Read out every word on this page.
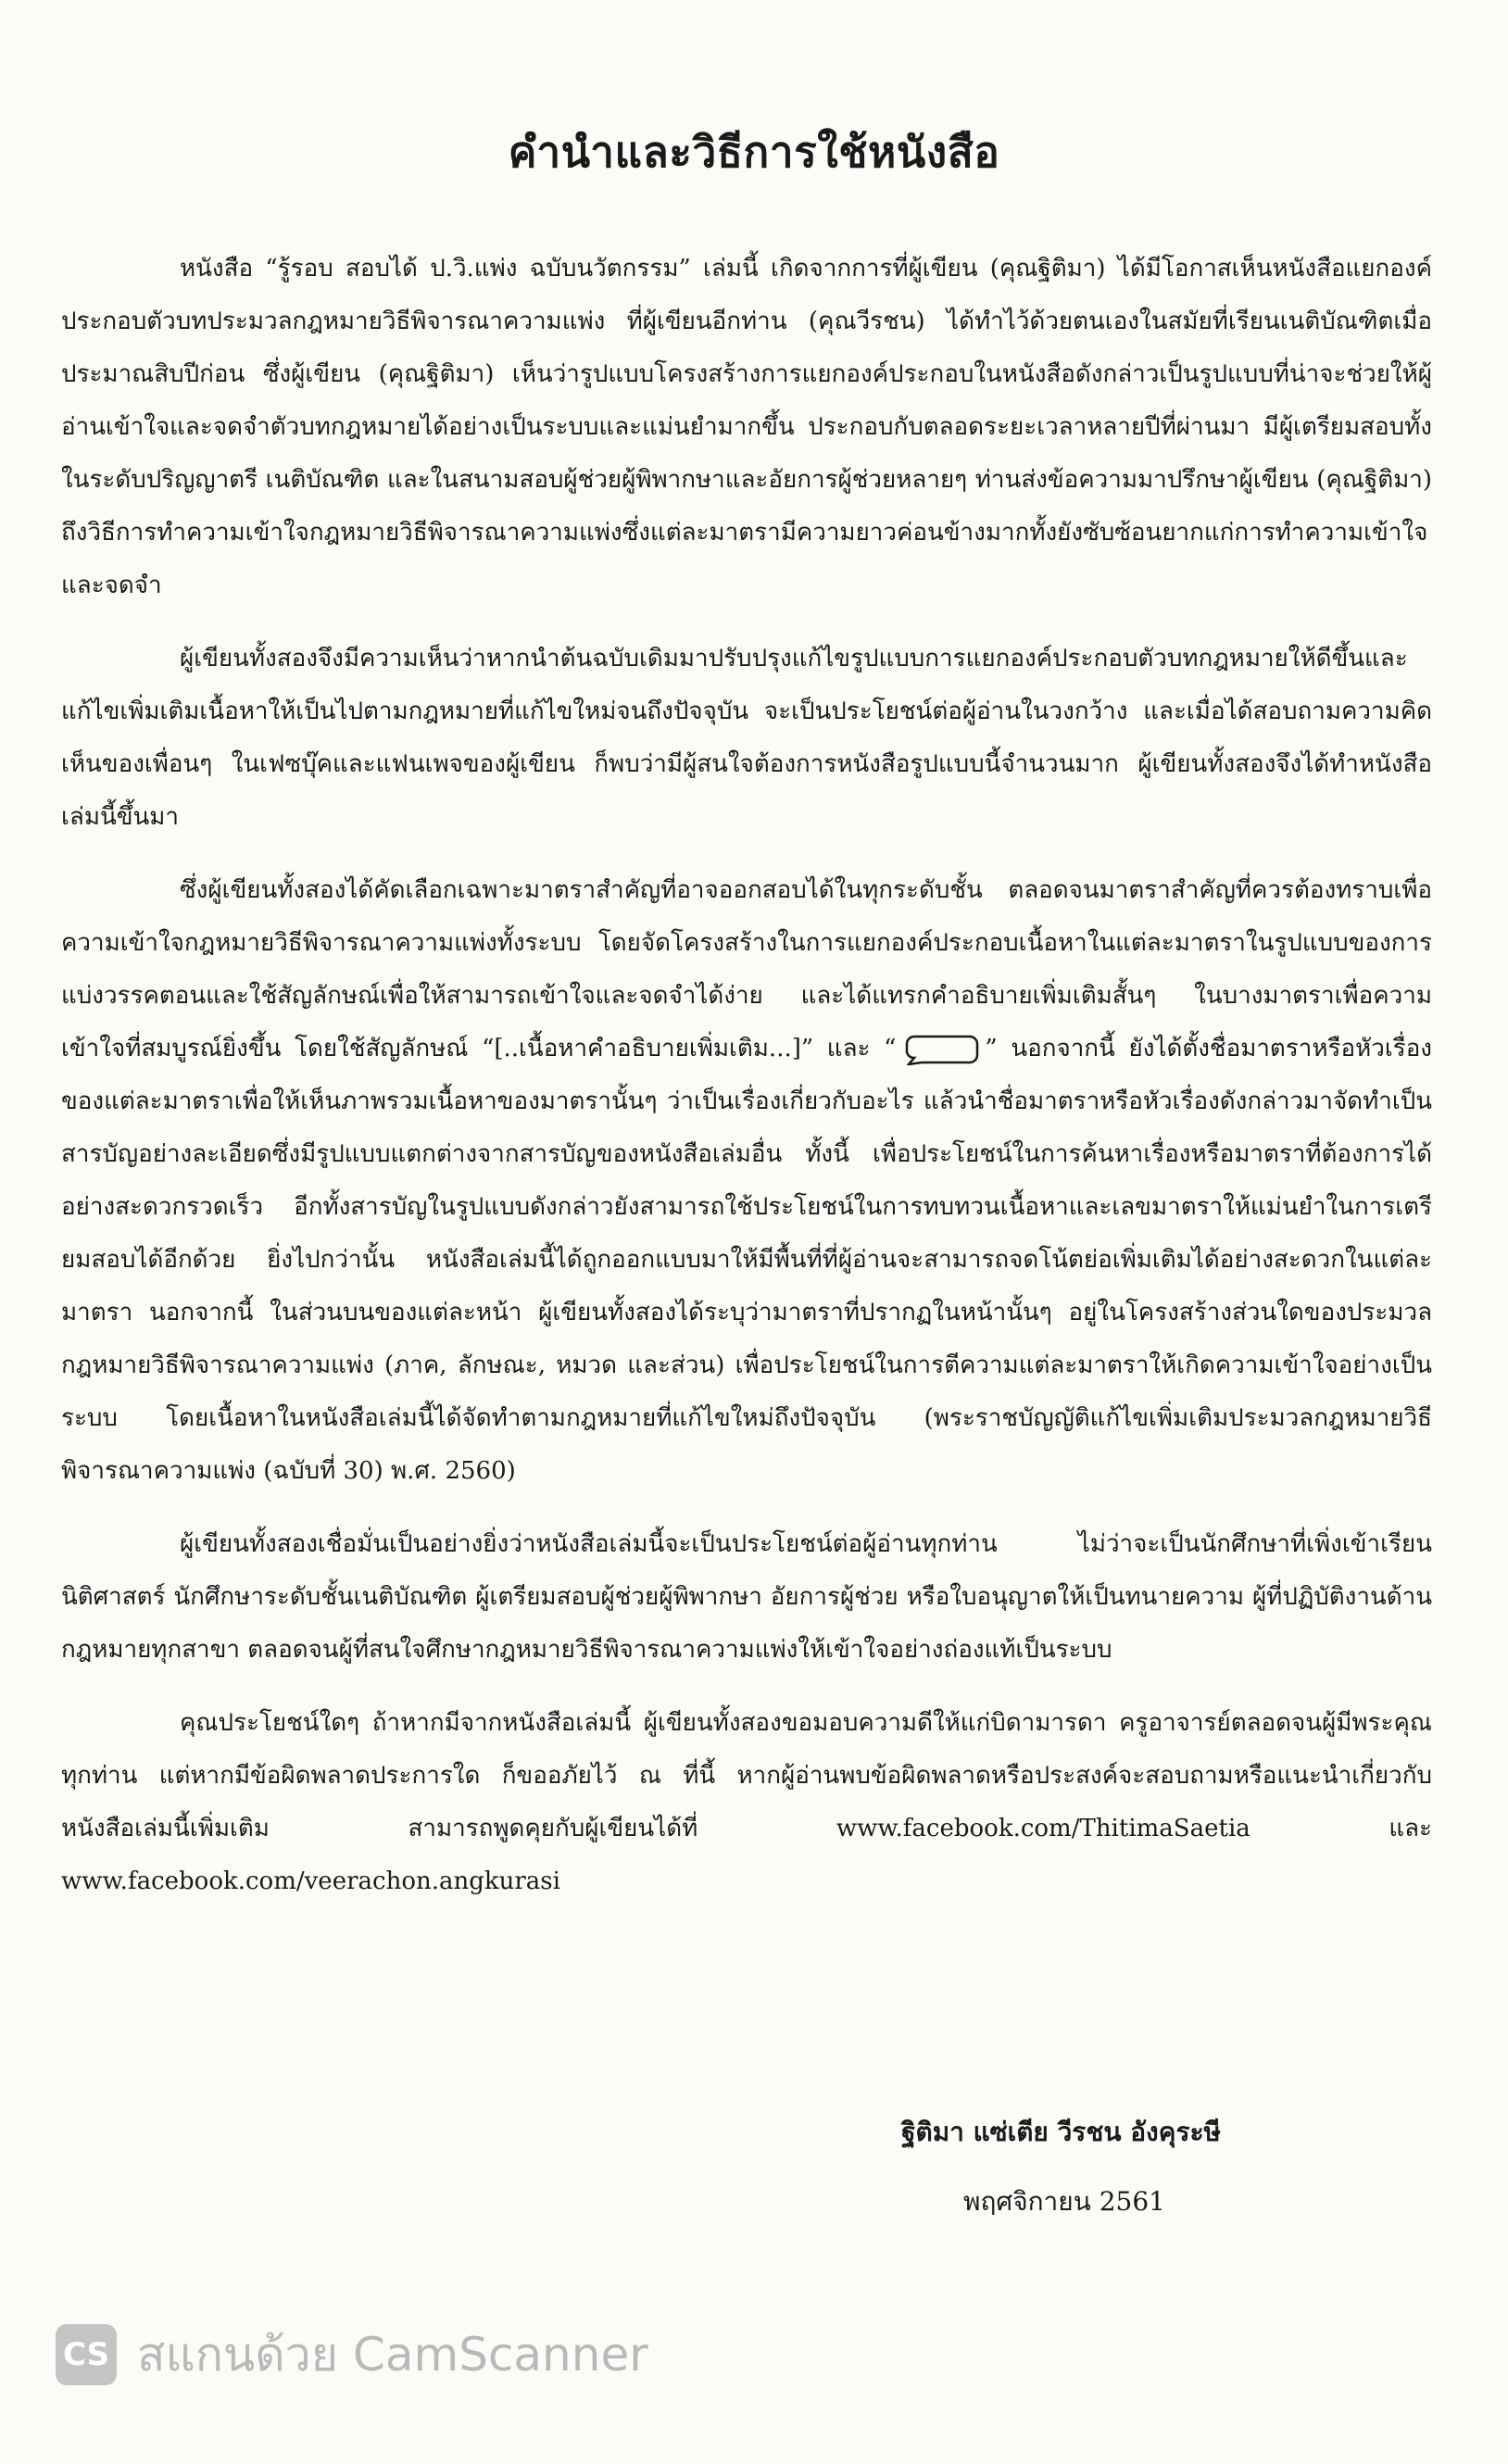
คำนำและวิธีการใช้หนังสือ

หนังสือ “รู้รอบ สอบได้ ป.วิ.แพ่ง ฉบับนวัตกรรม” เล่มนี้ เกิดจากการที่ผู้เขียน (คุณฐิติมา) ได้มีโอกาสเห็นหนังสือแยกองค์ประกอบตัวบทประมวลกฎหมายวิธีพิจารณาความแพ่ง ที่ผู้เขียนอีกท่าน (คุณวีรชน) ได้ทำไว้ด้วยตนเองในสมัยที่เรียนเนติบัณฑิตเมื่อประมาณสิบปีก่อน ซึ่งผู้เขียน (คุณฐิติมา) เห็นว่ารูปแบบโครงสร้างการแยกองค์ประกอบในหนังสือดังกล่าวเป็นรูปแบบที่น่าจะช่วยให้ผู้อ่านเข้าใจและจดจำตัวบทกฎหมายได้อย่างเป็นระบบและแม่นยำมากขึ้น ประกอบกับตลอดระยะเวลาหลายปีที่ผ่านมา มีผู้เตรียมสอบทั้งในระดับปริญญาตรี เนติบัณฑิต และในสนามสอบผู้ช่วยผู้พิพากษาและอัยการผู้ช่วยหลายๆ ท่านส่งข้อความมาปรึกษาผู้เขียน (คุณฐิติมา) ถึงวิธีการทำความเข้าใจกฎหมายวิธีพิจารณาความแพ่งซึ่งแต่ละมาตรามีความยาวค่อนข้างมากทั้งยังซับซ้อนยากแก่การทำความเข้าใจและจดจำ

ผู้เขียนทั้งสองจึงมีความเห็นว่าหากนำต้นฉบับเดิมมาปรับปรุงแก้ไขรูปแบบการแยกองค์ประกอบตัวบทกฎหมายให้ดีขึ้นและแก้ไขเพิ่มเติมเนื้อหาให้เป็นไปตามกฎหมายที่แก้ไขใหม่จนถึงปัจจุบัน จะเป็นประโยชน์ต่อผู้อ่านในวงกว้าง และเมื่อได้สอบถามความคิดเห็นของเพื่อนๆ ในเฟซบุ๊คและแฟนเพจของผู้เขียน ก็พบว่ามีผู้สนใจต้องการหนังสือรูปแบบนี้จำนวนมาก ผู้เขียนทั้งสองจึงได้ทำหนังสือเล่มนี้ขึ้นมา

ซึ่งผู้เขียนทั้งสองได้คัดเลือกเฉพาะมาตราสำคัญที่อาจออกสอบได้ในทุกระดับชั้น ตลอดจนมาตราสำคัญที่ควรต้องทราบเพื่อความเข้าใจกฎหมายวิธีพิจารณาความแพ่งทั้งระบบ โดยจัดโครงสร้างในการแยกองค์ประกอบเนื้อหาในแต่ละมาตราในรูปแบบของการแบ่งวรรคตอนและใช้สัญลักษณ์เพื่อให้สามารถเข้าใจและจดจำได้ง่าย และได้แทรกคำอธิบายเพิ่มเติมสั้นๆ ในบางมาตราเพื่อความเข้าใจที่สมบูรณ์ยิ่งขึ้น โดยใช้สัญลักษณ์ “[..เนื้อหาคำอธิบายเพิ่มเติม...]” และ “	” นอกจากนี้ ยังได้ตั้งชื่อมาตราหรือหัวเรื่องของแต่ละมาตราเพื่อให้เห็นภาพรวมเนื้อหาของมาตรานั้นๆ ว่าเป็นเรื่องเกี่ยวกับอะไร แล้วนำชื่อมาตราหรือหัวเรื่องดังกล่าวมาจัดทำเป็นสารบัญอย่างละเอียดซึ่งมีรูปแบบแตกต่างจากสารบัญของหนังสือเล่มอื่น ทั้งนี้ เพื่อประโยชน์ในการค้นหาเรื่องหรือมาตราที่ต้องการได้อย่างสะดวกรวดเร็ว อีกทั้งสารบัญในรูปแบบดังกล่าวยังสามารถใช้ประโยชน์ในการทบทวนเนื้อหาและเลขมาตราให้แม่นยำในการเตรียมสอบได้อีกด้วย ยิ่งไปกว่านั้น หนังสือเล่มนี้ได้ถูกออกแบบมาให้มีพื้นที่ที่ผู้อ่านจะสามารถจดโน้ตย่อเพิ่มเติมได้อย่างสะดวกในแต่ละมาตรา นอกจากนี้ ในส่วนบนของแต่ละหน้า ผู้เขียนทั้งสองได้ระบุว่ามาตราที่ปรากฏในหน้านั้นๆ อยู่ในโครงสร้างส่วนใดของประมวลกฎหมายวิธีพิจารณาความแพ่ง (ภาค, ลักษณะ, หมวด และส่วน) เพื่อประโยชน์ในการตีความแต่ละมาตราให้เกิดความเข้าใจอย่างเป็นระบบ โดยเนื้อหาในหนังสือเล่มนี้ได้จัดทำตามกฎหมายที่แก้ไขใหม่ถึงปัจจุบัน (พระราชบัญญัติแก้ไขเพิ่มเติมประมวลกฎหมายวิธีพิจารณาความแพ่ง (ฉบับที่ 30) พ.ศ. 2560)

ผู้เขียนทั้งสองเชื่อมั่นเป็นอย่างยิ่งว่าหนังสือเล่มนี้จะเป็นประโยชน์ต่อผู้อ่านทุกท่าน ไม่ว่าจะเป็นนักศึกษาที่เพิ่งเข้าเรียนนิติศาสตร์ นักศึกษาระดับชั้นเนติบัณฑิต ผู้เตรียมสอบผู้ช่วยผู้พิพากษา อัยการผู้ช่วย หรือใบอนุญาตให้เป็นทนายความ ผู้ที่ปฏิบัติงานด้านกฎหมายทุกสาขา ตลอดจนผู้ที่สนใจศึกษากฎหมายวิธีพิจารณาความแพ่งให้เข้าใจอย่างถ่องแท้เป็นระบบ

คุณประโยชน์ใดๆ ถ้าหากมีจากหนังสือเล่มนี้ ผู้เขียนทั้งสองขอมอบความดีให้แก่บิดามารดา ครูอาจารย์ตลอดจนผู้มีพระคุณทุกท่าน แต่หากมีข้อผิดพลาดประการใด ก็ขออภัยไว้ ณ ที่นี้ หากผู้อ่านพบข้อผิดพลาดหรือประสงค์จะสอบถามหรือแนะนำเกี่ยวกับหนังสือเล่มนี้เพิ่มเติม สามารถพูดคุยกับผู้เขียนได้ที่ www.facebook.com/ThitimaSaetia และ www.facebook.com/veerachon.angkurasi

ฐิติมา แซ่เตีย วีรชน อังคุระษี
พฤศจิกายน 2561
CS สแกนด้วย CamScanner
